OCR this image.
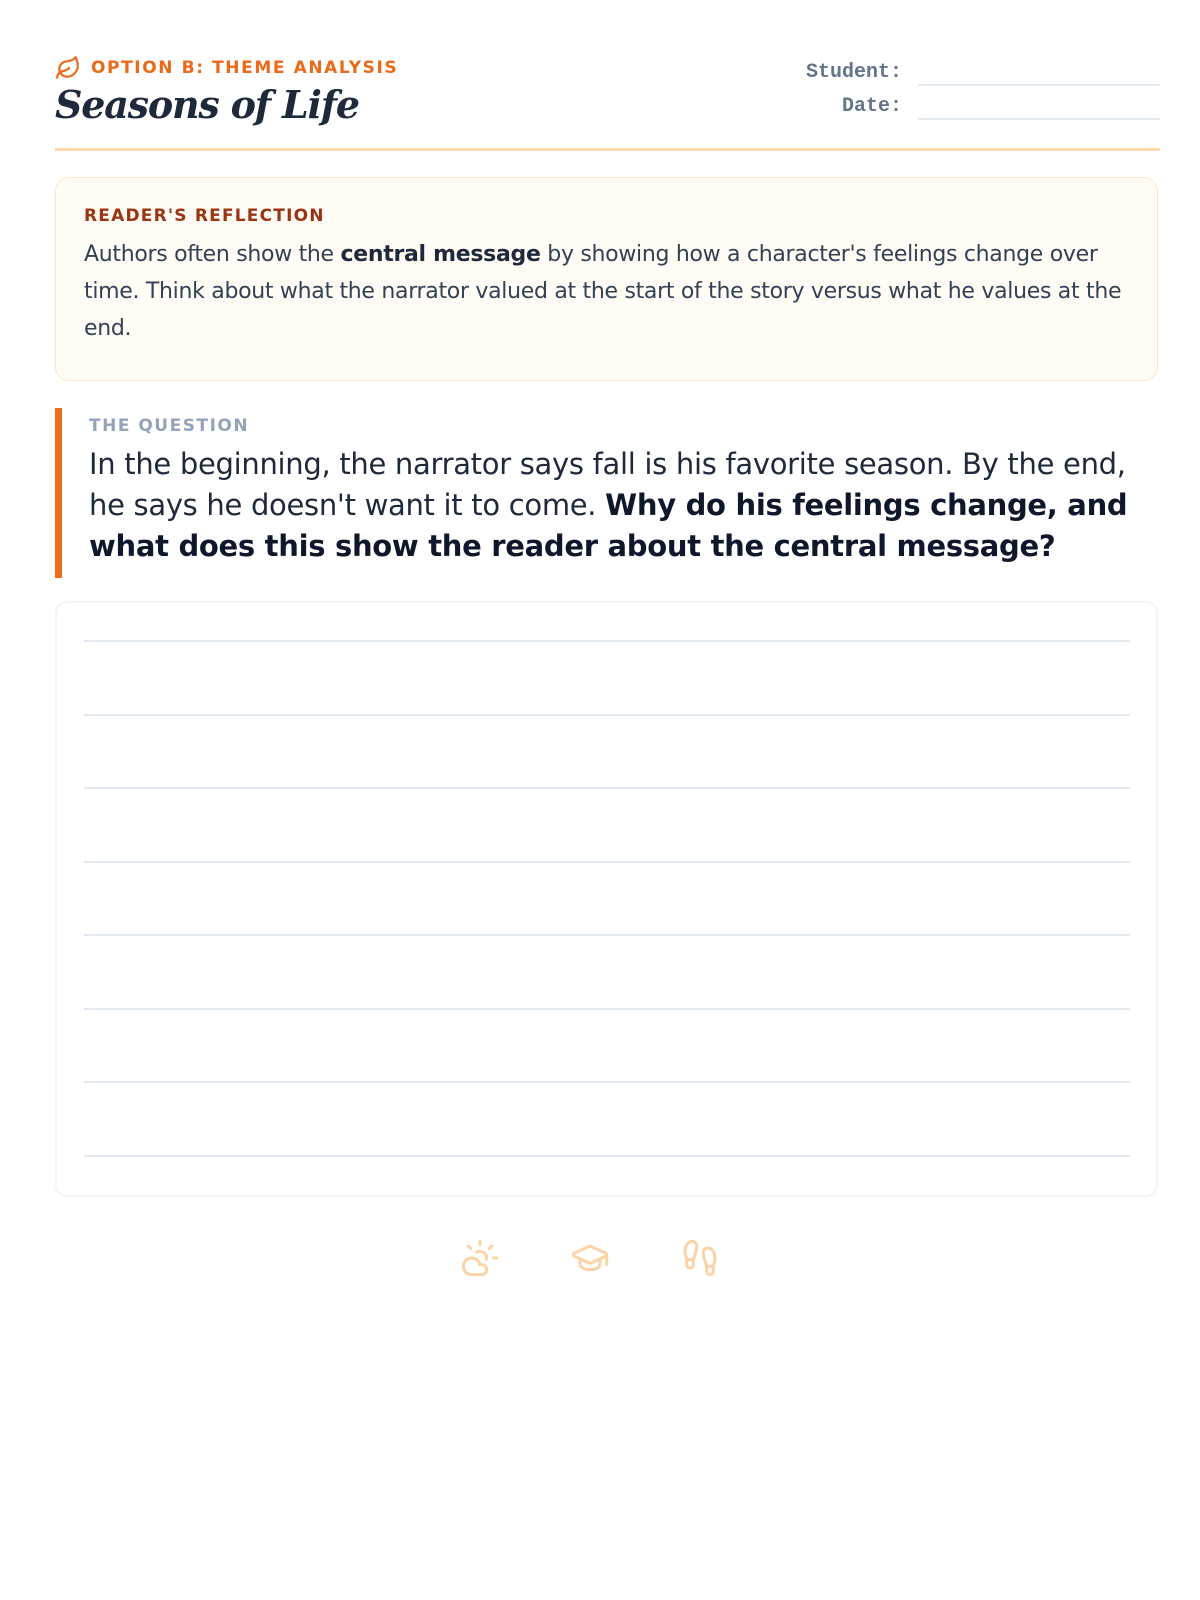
OPTION B: THEME ANALYSIS
Seasons of Life
Student:
Date:

READER'S REFLECTION

Authors often show the central message by showing how a character's feelings change over time. Think about what the narrator valued at the start of the story versus what he values at the end.

THE QUESTION

In the beginning, the narrator says fall is his favorite season. By the end, he says he doesn't want it to come. Why do his feelings change, and what does this show the reader about the central message?
